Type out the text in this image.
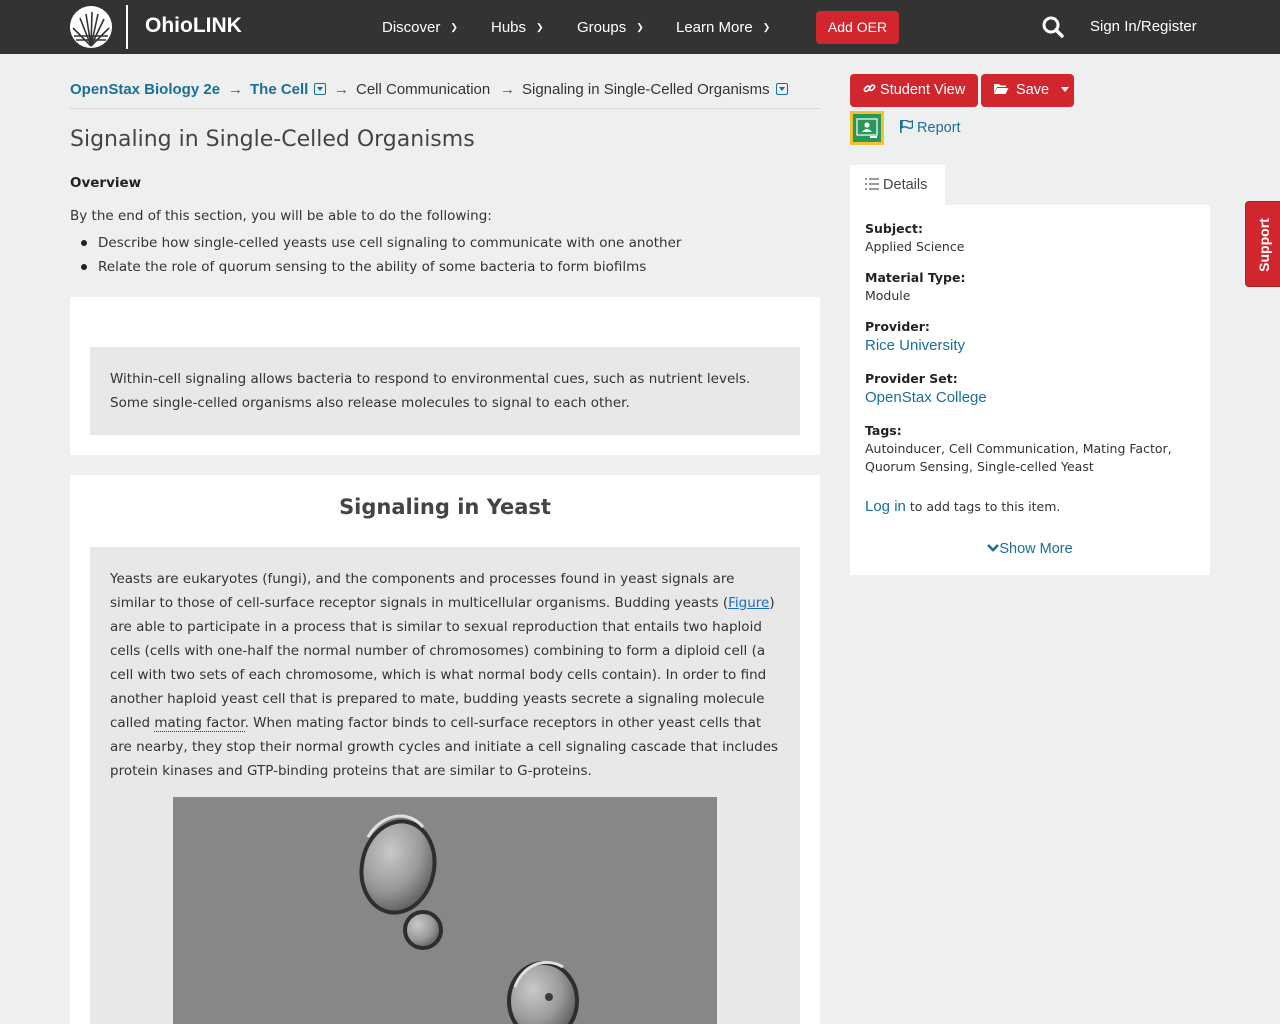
OhioLINK	Discover ❯ Hubs ❯ Groups ❯ Learn More ❯	Add OER	Sign In/Register
OpenStax Biology 2e → The Cell	→ Cell Communication → Signaling in Single-Celled Organisms
Signaling in Single-Celled Organisms
Overview
By the end of this section, you will be able to do the following:
Describe how single-celled yeasts use cell signaling to communicate with one another
Relate the role of quorum sensing to the ability of some bacteria to form biofilms
Within-cell signaling allows bacteria to respond to environmental cues, such as nutrient levels. Some single-celled organisms also release molecules to signal to each other.
Signaling in Yeast

Yeasts are eukaryotes (fungi), and the components and processes found in yeast signals are similar to those of cell-surface receptor signals in multicellular organisms. Budding yeasts (Figure) are able to participate in a process that is similar to sexual reproduction that entails two haploid cells (cells with one-half the normal number of chromosomes) combining to form a diploid cell (a cell with two sets of each chromosome, which is what normal body cells contain). In order to find another haploid yeast cell that is prepared to mate, budding yeasts secrete a signaling molecule called mating factor. When mating factor binds to cell-surface receptors in other yeast cells that are nearby, they stop their normal growth cycles and initiate a cell signaling cascade that includes protein kinases and GTP-binding proteins that are similar to G-proteins.

Student View	Save
Report
Details
Subject:
Applied Science
Material Type:
Module
Provider:
Rice University
Provider Set:
OpenStax College
Tags:
Autoinducer, Cell Communication, Mating Factor, Quorum Sensing, Single-celled Yeast
Log in to add tags to this item.
Show More
Support
